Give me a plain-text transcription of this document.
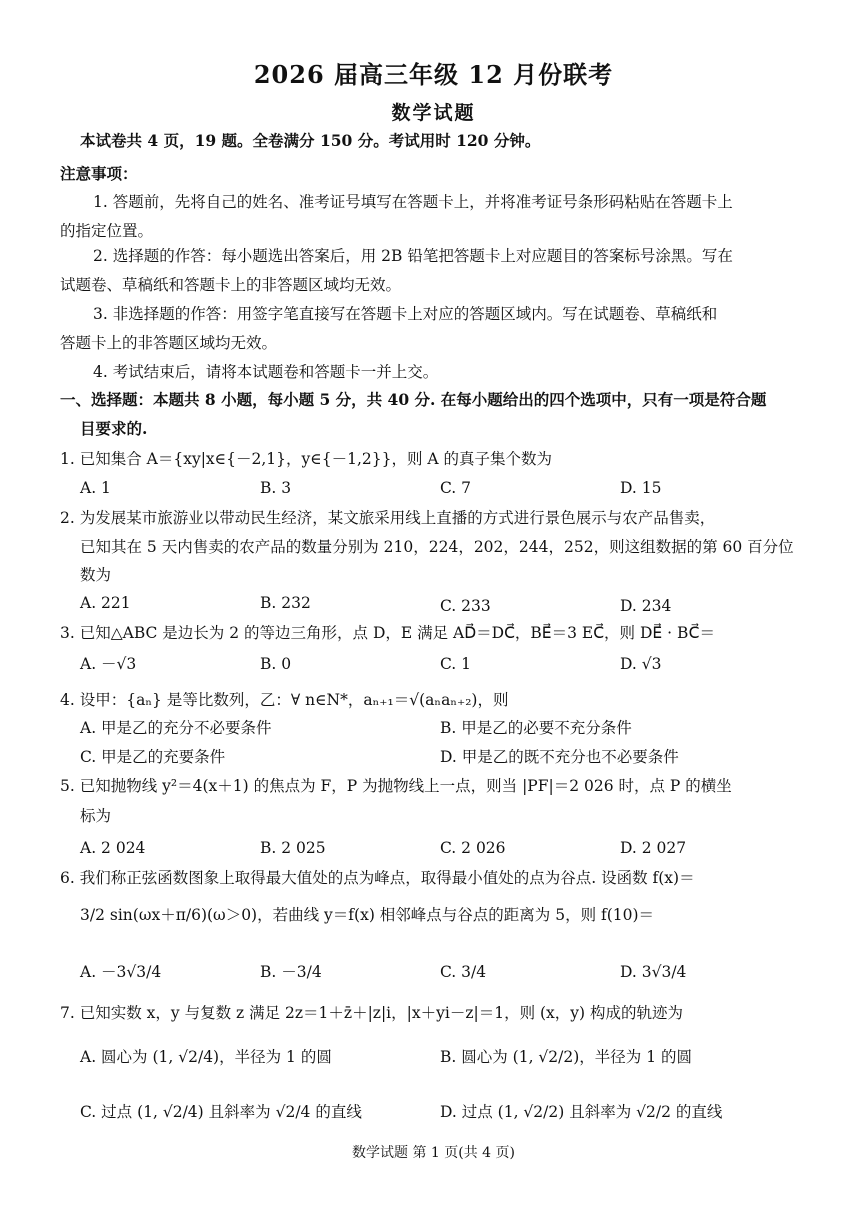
2026 届高三年级 12 月份联考
数学试题
本试卷共 4 页，19 题。全卷满分 150 分。考试用时 120 分钟。
注意事项：
1. 答题前，先将自己的姓名、准考证号填写在答题卡上，并将准考证号条形码粘贴在答题卡上
的指定位置。
2. 选择题的作答：每小题选出答案后，用 2B 铅笔把答题卡上对应题目的答案标号涂黑。写在
试题卷、草稿纸和答题卡上的非答题区域均无效。
3. 非选择题的作答：用签字笔直接写在答题卡上对应的答题区域内。写在试题卷、草稿纸和
答题卡上的非答题区域均无效。
4. 考试结束后，请将本试题卷和答题卡一并上交。
一、选择题：本题共 8 小题，每小题 5 分，共 40 分. 在每小题给出的四个选项中，只有一项是符合题
目要求的.
1. 已知集合 A＝{xy|x∈{－2,1}，y∈{－1,2}}，则 A 的真子集个数为
A. 1	B. 3	C. 7	D. 15
2. 为发展某市旅游业以带动民生经济，某文旅采用线上直播的方式进行景色展示与农产品售卖，
已知其在 5 天内售卖的农产品的数量分别为 210，224，202，244，252，则这组数据的第 60 百分位
数为
A. 221	B. 232	C. 233	D. 234
3. 已知△ABC 是边长为 2 的等边三角形，点 D，E 满足 AD⃗＝DC⃗，BE⃗＝3 EC⃗，则 DE⃗ · BC⃗＝
A. －√3	B. 0	C. 1	D. √3
4. 设甲：{aₙ} 是等比数列，乙：∀ n∈N*，aₙ₊₁＝√(aₙaₙ₊₂)，则
A. 甲是乙的充分不必要条件	B. 甲是乙的必要不充分条件
C. 甲是乙的充要条件	D. 甲是乙的既不充分也不必要条件
5. 已知抛物线 y²＝4(x＋1) 的焦点为 F，P 为抛物线上一点，则当 |PF|＝2 026 时，点 P 的横坐
标为
A. 2 024	B. 2 025	C. 2 026	D. 2 027
6. 我们称正弦函数图象上取得最大值处的点为峰点，取得最小值处的点为谷点. 设函数 f(x)＝
3/2 sin(ωx＋π/6)(ω＞0)，若曲线 y＝f(x) 相邻峰点与谷点的距离为 5，则 f(10)＝
A. －3√3/4	B. －3/4	C. 3/4	D. 3√3/4
7. 已知实数 x，y 与复数 z 满足 2z＝1＋z̄＋|z|i，|x＋yi－z|＝1，则 (x，y) 构成的轨迹为
A. 圆心为 (1, √2/4)，半径为 1 的圆	B. 圆心为 (1, √2/2)，半径为 1 的圆
C. 过点 (1, √2/4) 且斜率为 √2/4 的直线	D. 过点 (1, √2/2) 且斜率为 √2/2 的直线
数学试题 第 1 页(共 4 页)
